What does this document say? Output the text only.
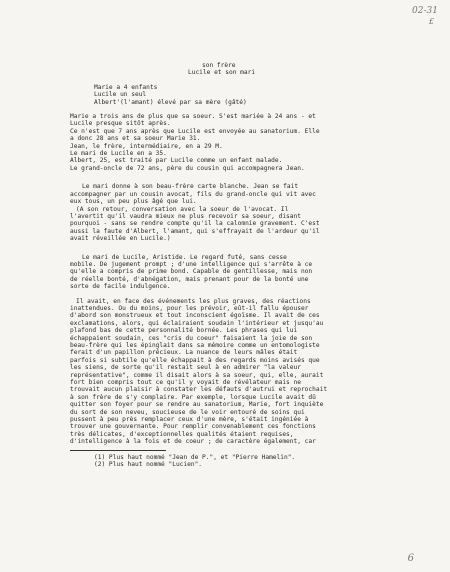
02-31
£

son frère

Lucile et son mari

Marie a 4 enfants

Lucile un seul

Albert'(l'amant) élevé par sa mère (gâté)

Marie a trois ans de plus que sa soeur. S'est mariée à 24 ans - et

Lucile presque sitôt après.

Ce n'est que 7 ans après que Lucile est envoyée au sanatorium. Elle

a donc 28 ans et sa soeur Marie 31.

Jean, le frère, intermédiaire, en a 29 M.

Le mari de Lucile en a 35.

Albert, 25, est traité par Lucile comme un enfant malade.

Le grand-oncle de 72 ans, père du cousin qui accompagnera Jean.

Le mari donne à son beau-frère carte blanche. Jean se fait

accompagner par un cousin avocat, fils du grand-oncle qui vit avec

eux tous, un peu plus âgé que lui.

(A son retour, conversation avec la soeur de l'avocat. Il

l'avertit qu'il vaudra mieux ne plus recevoir sa soeur, disant

pourquoi - sans se rendre compte qu'il la calomnie gravement. C'est

aussi la faute d'Albert, l'amant, qui s'effrayait de l'ardeur qu'il

avait réveillée en Lucile.)

Le mari de Lucile, Aristide. Le regard futé, sans cesse

mobile. De jugement prompt ; d'une intelligence qui s'arrête à ce

qu'elle a compris de prime bond. Capable de gentillesse, mais non

de réelle bonté, d'abnégation, mais prenant pour de la bonté une

sorte de facile indulgence.

Il avait, en face des événements les plus graves, des réactions

inattendues. Ou du moins, pour les prévoir, eût-il fallu épouser

d'abord son monstrueux et tout inconscient égoïsme. Il avait de ces

exclamations, alors, qui éclairaient soudain l'intérieur et jusqu'au

plafond bas de cette personnalité bornée. Les phrases qui lui

échappaient soudain, ces "cris du coeur" faisaient la joie de son

beau-frère qui les épinglait dans sa mémoire comme un entomologiste

ferait d'un papillon précieux. La nuance de leurs mâles était

parfois si subtile qu'elle échappait à des regards moins avisés que

les siens, de sorte qu'il restait seul à en admirer "la valeur

représentative", comme il disait alors à sa soeur, qui, elle, aurait

fort bien compris tout ce qu'il y voyait de révélateur mais ne

trouvait aucun plaisir à constater les défauts d'autrui et reprochait

à son frère de s'y complaire. Par exemple, lorsque Lucile avait dû

quitter son foyer pour se rendre au sanatorium, Marie, fort inquiète

du sort de son neveu, soucieuse de le voir entouré de soins qui

pussent à peu près remplacer ceux d'une mère, s'était ingéniée à

trouver une gouvernante. Pour remplir convenablement ces fonctions

très délicates, d'exceptionnelles qualités étaient requises,

d'intelligence à la fois et de coeur ; de caractère également, car

(1) Plus haut nommé "Jean de P.", et "Pierre Hamelin".

(2) Plus haut nommé "Lucien".

6
